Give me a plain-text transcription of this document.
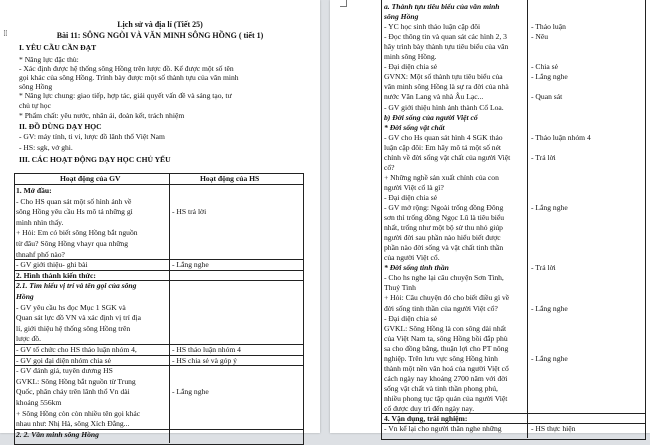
⁞⁞
Lịch sử và địa lí (Tiết 25)
Bài 11: SÔNG NGÒI VÀ VĂN MINH SÔNG HỒNG ( tiết 1)
I. YÊU CẦU CẦN ĐẠT
* Năng lực đặc thù:
- Xác định được hệ thống sông Hồng trên lược đồ. Kể được một số tên
gọi khác của sông Hồng. Trình bày được một số thành tựu của văn minh
sông Hồng
* Năng lực chung: giao tiếp, hợp tác, giải quyết vấn đề và sáng tạo, tư
chủ tự học
* Phẩm chất: yêu nước, nhân ái, đoàn kết, trách nhiệm
II. ĐỒ DÙNG DẠY HỌC
- GV: máy tính, ti vi, lược đồ lãnh thổ Việt Nam
- HS: sgk, vở ghi.
III. CÁC HOẠT ĐỘNG DẠY HỌC CHỦ YẾU
Hoạt động của GV	Hoạt động của HS
1. Mở đầu:
- Cho HS quan sát một số hình ảnh về
sông Hồng yêu cầu Hs mô tả những gì
mình nhìn thấy.
+ Hỏi: Em có biết sông Hồng bắt nguồn
từ đâu? Sông Hồng vhayr qua những
thnahf phố nào?
- GV giới thiệu- ghi bài
2. Hình thành kiến thức:
2.1. Tìm hiểu vị trí và tên gọi của sông
Hồng
- GV yêu cầu hs đọc Mục 1 SGK và
Quan sát lực đồ VN và xác định vị trí địa
lí, giới thiệu hệ thống sông Hồng trên
lược đồ.
- GV tổ chức cho HS thảo luận nhóm 4,
- GV gọi đại diện nhóm chia sẻ
- GV đánh giá, tuyên dương HS
GVKL: Sông Hồng bắt nguồn từ Trung
Quốc, phân chảy trên lãnh thổ Vn dài
khoảng 556km
+ Sông Hồng còn còn nhiều tên gọi khác
nhau như: Nhị Hà, sông Xích Đằng...
2. 2. Văn minh sông Hồng
- HS trả lời
- Lắng nghe
- HS thảo luận nhóm 4
- HS chia sẻ và góp ý
- Lắng nghe
a. Thành tựu tiêu biểu của văn minh
sông Hồng
- YC học sinh thảo luận cặp đôi
- Đọc thông tin và quan sát các hình 2, 3
hãy trình bày thành tựu tiêu biểu của văn
minh sông Hồng.
- Đại diện chia sẻ
GVNX: Một số thành tựu tiêu biểu của
văn minh sông Hồng là sự ra đời của nhà
nước Văn Lang và nhà Âu Lạc...
- GV giới thiệu hình ảnh thành Cổ Loa.
b) Đời sống của người Việt cổ
* Đời sống vật chất
- GV cho Hs quan sát hình 4 SGK thảo
luận cặp đôi: Em hãy mô tả một số nét
chính về đời sống vật chất của người Việt
cổ?
+ Những nghề sản xuất chính của con
người Việt cổ là gì?
- Đại diện chia sẻ
- GV mở rộng: Ngoài trống đồng Đông
sơn thì trống đồng Ngọc Lũ là tiêu biểu
nhất, trống như một bộ sử thu nhỏ giúp
người đời sau phần nào hiểu biết được
phần nào đời sống và vật chất tinh thần
của người Việt cổ.
* Đời sống tinh thần
- Cho hs nghe lại câu chuyện Sơn Tinh,
Thuỷ Tinh
+ Hỏi: Câu chuyện đó cho biết điều gì về
đời sống tinh thần của người Việt cổ?
- Đại diện chia sẻ
GVKL: Sông Hồng là con sông dài nhất
của Việt Nam ta, sông Hồng bồi đắp phù
sa cho đồng bằng, thuận lợi cho PT nông
nghiệp. Trên lưu vực sông Hồng hình
thành một nền văn hoá của người Việt cổ
cách ngày nay khoảng 2700 năm với đời
sống vật chất và tinh thần phong phú,
nhiều phong tục tập quán của người Việt
cổ được duy trì đến ngày nay.
4. Vận dụng, trải nghiệm:
- Vn kể lại cho người thân nghe những
- Thảo luận
- Nêu
- Chia sẻ
- Lắng nghe
- Quan sát
- Thảo luận nhóm 4
- Trả lời
- Lắng nghe
- Trả lời
- Lắng nghe
- Lắng nghe
- HS thực hiện
